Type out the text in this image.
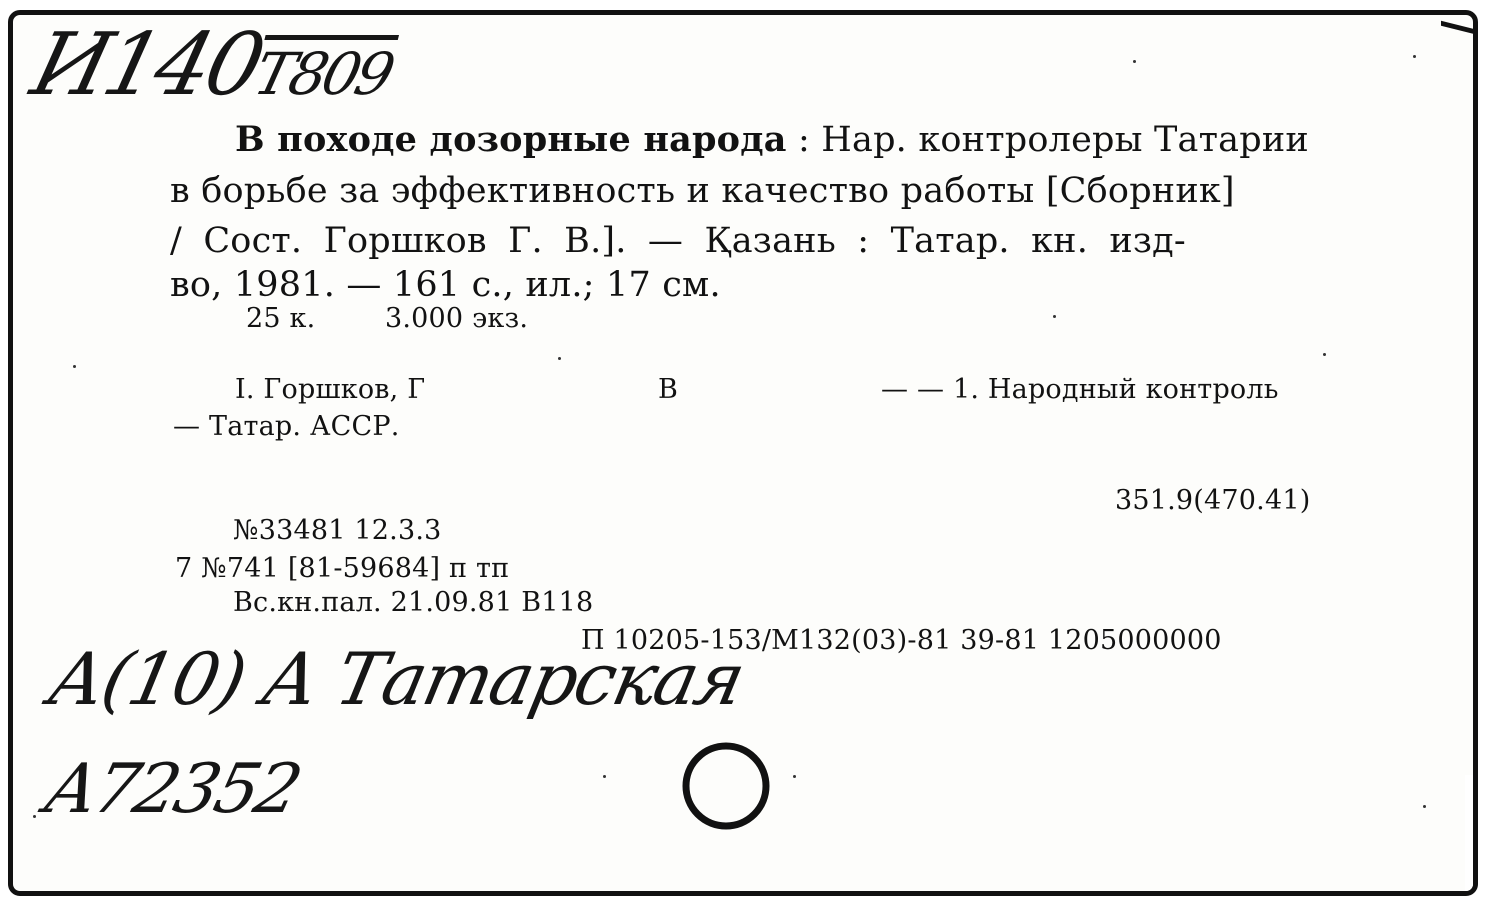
И140Т809
В походе дозорные народа : Нар. контролеры Татарии
в борьбе за эффективность и качество работы [Сборник]
/ Сост. Горшков Г. В.]. — Қазань : Татар. кн. изд-
во, 1981. — 161 с., ил.; 17 см.
25 к.	3.000 экз.
I. Горшков, Г	В	— — 1. Народный контроль
— Татар. АССР.
351.9(470.41)
№33481 12.3.3
7 №741 [81-59684] п тп
Вс.кн.пал. 21.09.81 В118
П 10205-153/М132(03)-81 39-81 1205000000
А(10) А Татарская
А72352
